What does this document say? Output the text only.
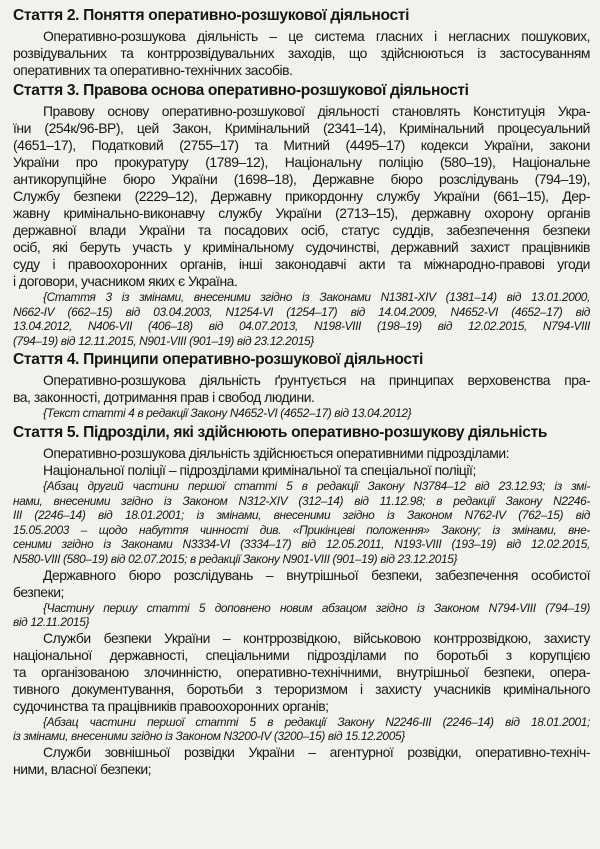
Стаття 2. Поняття оперативно-розшукової діяльності
Оперативно-розшукова діяльність – це система гласних і негласних пошукових,
розвідувальних та контррозвідувальних заходів, що здійснюються із застосуванням
оперативних та оперативно-технічних засобів.
Стаття 3. Правова основа оперативно-розшукової діяльності
Правову основу оперативно-розшукової діяльності становлять Конституція Укра-
їни (254к/96-ВР), цей Закон, Кримінальний (2341–14), Кримінальний процесуальний
(4651–17), Податковий (2755–17) та Митний (4495–17) кодекси України, закони
України про прокуратуру (1789–12), Національну поліцію (580–19), Національне
антикорупційне бюро України (1698–18), Державне бюро розслідувань (794–19),
Службу безпеки (2229–12), Державну прикордонну службу України (661–15), Дер-
жавну кримінально-виконавчу службу України (2713–15), державну охорону органів
державної влади України та посадових осіб, статус суддів, забезпечення безпеки
осіб, які беруть участь у кримінальному судочинстві, державний захист працівників
суду і правоохоронних органів, інші законодавчі акти та міжнародно-правові угоди
і договори, учасником яких є Україна.
{Стаття 3 із змінами, внесеними згідно із Законами N1381-XIV (1381–14) від 13.01.2000,
N662-IV (662–15) від 03.04.2003, N1254-VI (1254–17) від 14.04.2009, N4652-VI (4652–17) від
13.04.2012, N406-VII (406–18) від 04.07.2013, N198-VIII (198–19) від 12.02.2015, N794-VIII
(794–19) від 12.11.2015, N901-VIII (901–19) від 23.12.2015}
Стаття 4. Принципи оперативно-розшукової діяльності
Оперативно-розшукова діяльність ґрунтується на принципах верховенства пра-
ва, законності, дотримання прав і свобод людини.
{Текст статті 4 в редакції Закону N4652-VI (4652–17) від 13.04.2012}
Стаття 5. Підрозділи, які здійснюють оперативно-розшукову діяльність
Оперативно-розшукова діяльність здійснюється оперативними підрозділами:
Національної поліції – підрозділами кримінальної та спеціальної поліції;
{Абзац другий частини першої статті 5 в редакції Закону N3784–12 від 23.12.93; із змі-
нами, внесеними згідно із Законом N312-XIV (312–14) від 11.12.98; в редакції Закону N2246-
III (2246–14) від 18.01.2001; із змінами, внесеними згідно із Законом N762-IV (762–15) від
15.05.2003 – щодо набуття чинності див. «Прикінцеві положення» Закону; із змінами, вне-
сеними згідно із Законами N3334-VI (3334–17) від 12.05.2011, N193-VIII (193–19) від 12.02.2015,
N580-VIII (580–19) від 02.07.2015; в редакції Закону N901-VIII (901–19) від 23.12.2015}
Державного бюро розслідувань – внутрішньої безпеки, забезпечення особистої
безпеки;
{Частину першу статті 5 доповнено новим абзацом згідно із Законом N794-VIII (794–19)
від 12.11.2015}
Служби безпеки України – контррозвідкою, військовою контррозвідкою, захисту
національної державності, спеціальними підрозділами по боротьбі з корупцією
та організованою злочинністю, оперативно-технічними, внутрішньої безпеки, опера-
тивного документування, боротьби з тероризмом і захисту учасників кримінального
судочинства та працівників правоохоронних органів;
{Абзац частини першої статті 5 в редакції Закону N2246-III (2246–14) від 18.01.2001;
із змінами, внесеними згідно із Законом N3200-IV (3200–15) від 15.12.2005}
Служби зовнішньої розвідки України – агентурної розвідки, оперативно-техніч-
ними, власної безпеки;
